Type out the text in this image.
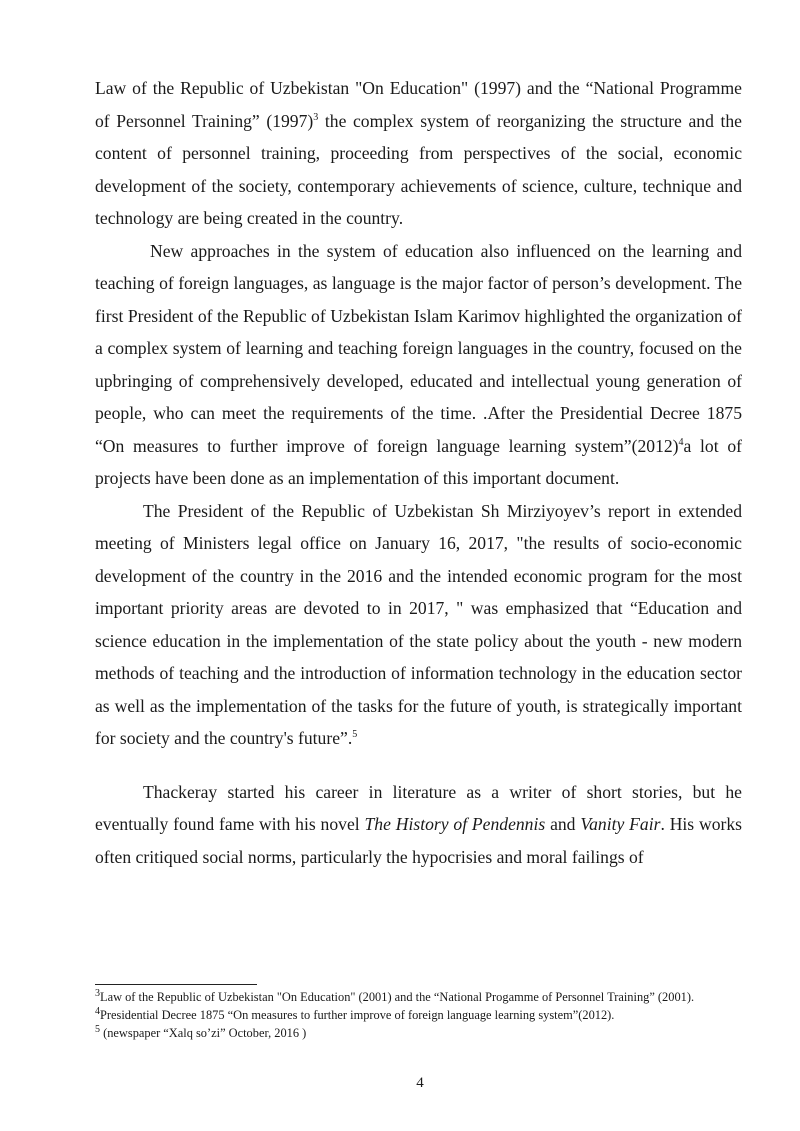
Law of the Republic of Uzbekistan "On Education" (1997) and the “National Programme of Personnel Training” $(1997)^3$ the complex system of reorganizing the structure and the content of personnel training, proceeding from perspectives of the social, economic development of the society, contemporary achievements of science, culture, technique and technology are being created in the country.

New approaches in the system of education also influenced on the learning and teaching of foreign languages, as language is the major factor of person’s development. The first President of the Republic of Uzbekistan Islam Karimov highlighted the organization of a complex system of learning and teaching foreign languages in the country, focused on the upbringing of comprehensively developed, educated and intellectual young generation of people, who can meet the requirements of the time. .After the Presidential Decree 1875 “On measures to further improve of foreign language learning $system”(2012)^4a$ lot of projects have been done as an implementation of this important document.

The President of the Republic of Uzbekistan Sh Mirziyoyev’s report in extended meeting of Ministers legal office on January 16, 2017, "the results of socio-economic development of the country in the 2016 and the intended economic program for the most important priority areas are devoted to in 2017, " was emphasized that “Education and science education in the implementation of the state policy about the youth - new modern methods of teaching and the introduction of information technology in the education sector as well as the implementation of the tasks for the future of youth, is strategically important for society and the country's future”.$^5$

Thackeray started his career in literature as a writer of short stories, but he eventually found fame with his novel The History of Pendennis and Vanity Fair. His works often critiqued social norms, particularly the hypocrisies and moral failings of

$^3$Law of the Republic of Uzbekistan "On Education" (2001) and the “National Progamme of Personnel Training” (2001).

$^4$Presidential Decree 1875 “On measures to further improve of foreign language learning system”(2012).

$^5$ (newspaper “Xalq so’zi” October, 2016 )

4
